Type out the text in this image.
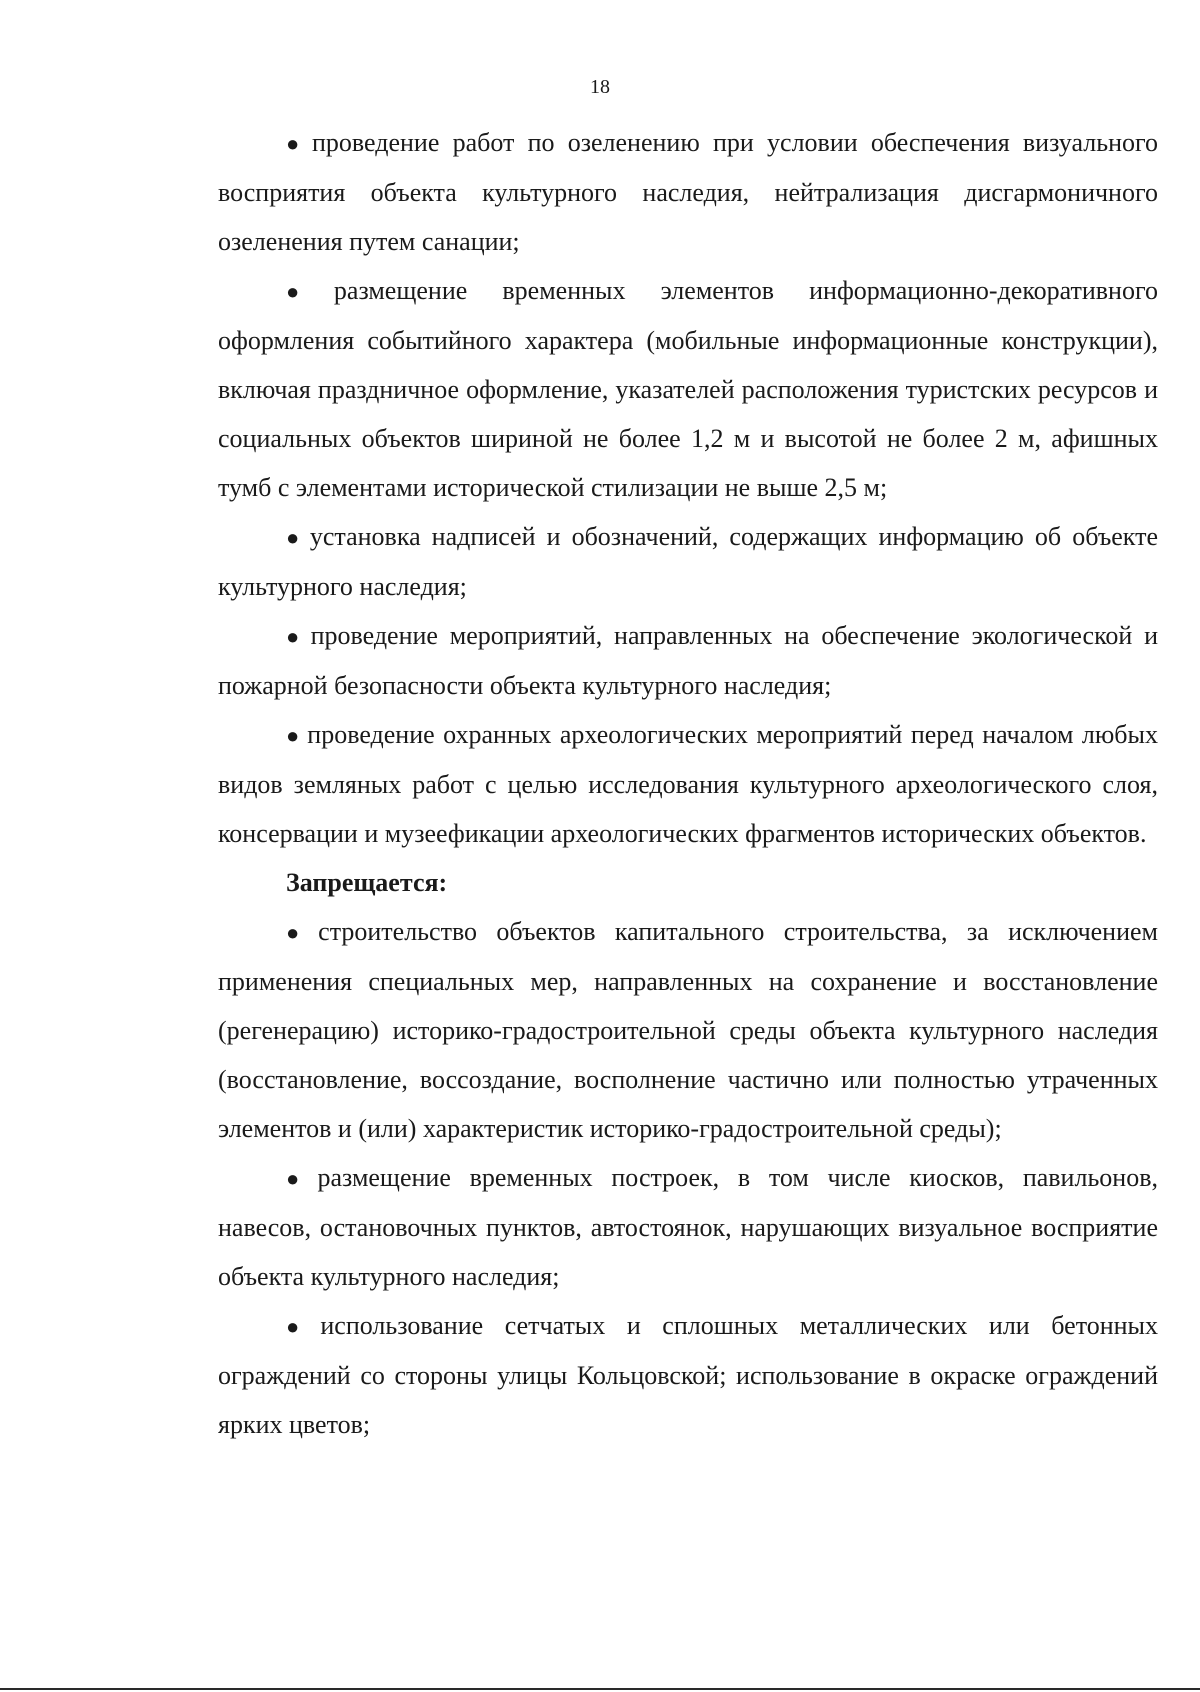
18

● проведение работ по озеленению при условии обеспечения визуального восприятия объекта культурного наследия, нейтрализация дисгармоничного озеленения путем санации;

● размещение временных элементов информационно-декоративного оформления событийного характера (мобильные информационные конструкции), включая праздничное оформление, указателей расположения туристских ресурсов и социальных объектов шириной не более 1,2 м и высотой не более 2 м, афишных тумб с элементами исторической стилизации не выше 2,5 м;

● установка надписей и обозначений, содержащих информацию об объекте культурного наследия;

● проведение мероприятий, направленных на обеспечение экологической и пожарной безопасности объекта культурного наследия;

● проведение охранных археологических мероприятий перед началом любых видов земляных работ с целью исследования культурного археологического слоя, консервации и музеефикации археологических фрагментов исторических объектов.

Запрещается:

● строительство объектов капитального строительства, за исключением применения специальных мер, направленных на сохранение и восстановление (регенерацию) историко-градостроительной среды объекта культурного наследия (восстановление, воссоздание, восполнение частично или полностью утраченных элементов и (или) характеристик историко-градостроительной среды);

● размещение временных построек, в том числе киосков, павильонов, навесов, остановочных пунктов, автостоянок, нарушающих визуальное восприятие объекта культурного наследия;

● использование сетчатых и сплошных металлических или бетонных ограждений со стороны улицы Кольцовской; использование в окраске ограждений ярких цветов;
